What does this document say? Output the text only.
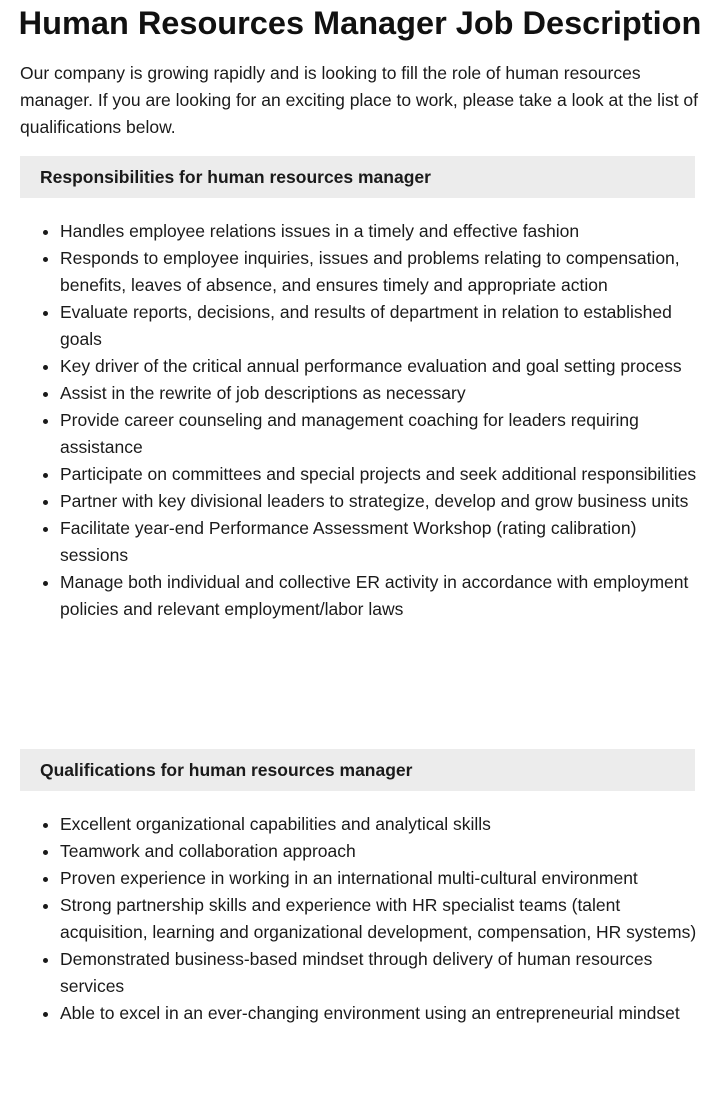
Human Resources Manager Job Description

Our company is growing rapidly and is looking to fill the role of human resources manager. If you are looking for an exciting place to work, please take a look at the list of qualifications below.

Responsibilities for human resources manager
• Handles employee relations issues in a timely and effective fashion
• Responds to employee inquiries, issues and problems relating to compensation, benefits, leaves of absence, and ensures timely and appropriate action
• Evaluate reports, decisions, and results of department in relation to established goals
• Key driver of the critical annual performance evaluation and goal setting process
• Assist in the rewrite of job descriptions as necessary
• Provide career counseling and management coaching for leaders requiring assistance
• Participate on committees and special projects and seek additional responsibilities
• Partner with key divisional leaders to strategize, develop and grow business units
• Facilitate year-end Performance Assessment Workshop (rating calibration) sessions
• Manage both individual and collective ER activity in accordance with employment policies and relevant employment/labor laws
Qualifications for human resources manager
• Excellent organizational capabilities and analytical skills
• Teamwork and collaboration approach
• Proven experience in working in an international multi-cultural environment
• Strong partnership skills and experience with HR specialist teams (talent acquisition, learning and organizational development, compensation, HR systems)
• Demonstrated business-based mindset through delivery of human resources services
• Able to excel in an ever-changing environment using an entrepreneurial mindset
